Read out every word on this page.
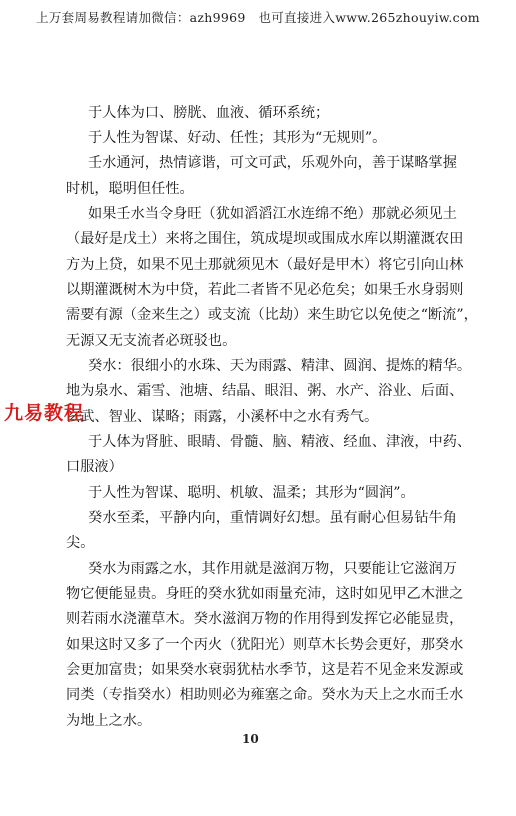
上万套周易教程请加微信：azh9969　也可直接进入www.265zhouyiw.com
于人体为口、膀胱、血液、循环系统；
于人性为智谋、好动、任性；其形为“无规则”。
壬水通河，热情谚谐，可文可武，乐观外向，善于谋略掌握
时机，聪明但任性。
如果壬水当令身旺（犹如滔滔江水连绵不绝）那就必须见土
（最好是戊土）来将之围住，筑成堤坝或围成水库以期灌溉农田
方为上贷，如果不见土那就须见木（最好是甲木）将它引向山林
以期灌溉树木为中贷，若此二者皆不见必危矣；如果壬水身弱则
需要有源（金来生之）或支流（比劫）来生助它以免使之“断流”，
无源又无支流者必斑驳也。
癸水：很细小的水珠、天为雨露、精津、圆润、提炼的精华。
地为泉水、霜雪、池塘、结晶、眼泪、粥、水产、浴业、后面、
玄武、智业、谋略；雨露，小溪杯中之水有秀气。
于人体为肾脏、眼睛、骨髓、脑、精液、经血、津液，中药、
口服液）
于人性为智谋、聪明、机敏、温柔；其形为“圆润”。
癸水至柔，平静内向，重情调好幻想。虽有耐心但易钻牛角
尖。
癸水为雨露之水，其作用就是滋润万物，只要能让它滋润万
物它便能显贵。身旺的癸水犹如雨量充沛，这时如见甲乙木泄之
则若雨水浇灌草木。癸水滋润万物的作用得到发挥它必能显贵，
如果这时又多了一个丙火（犹阳光）则草木长势会更好，那癸水
会更加富贵；如果癸水衰弱犹枯水季节，这是若不见金来发源或
同类（专指癸水）相助则必为雍塞之命。癸水为天上之水而壬水
为地上之水。
九易教程
10
